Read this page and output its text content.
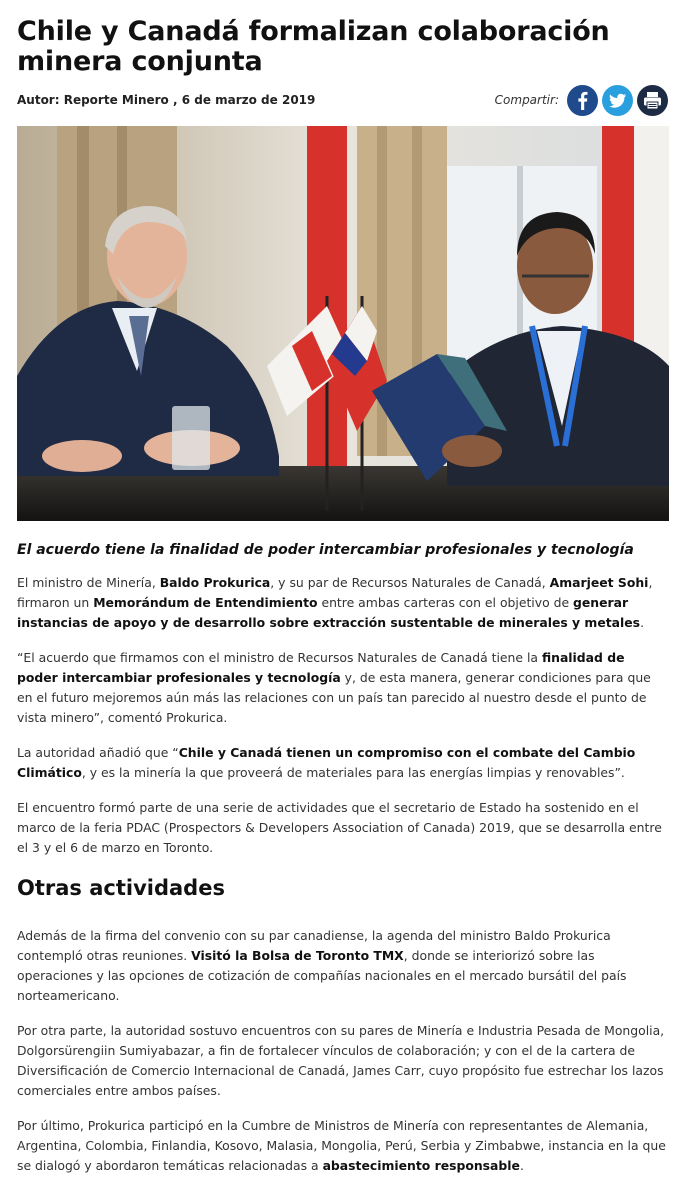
Chile y Canadá formalizan colaboración minera conjunta
Autor: Reporte Minero , 6 de marzo de 2019	Compartir:
El acuerdo tiene la finalidad de poder intercambiar profesionales y tecnología

El ministro de Minería, Baldo Prokurica, y su par de Recursos Naturales de Canadá, Amarjeet Sohi, firmaron un Memorándum de Entendimiento entre ambas carteras con el objetivo de generar instancias de apoyo y de desarrollo sobre extracción sustentable de minerales y metales.

“El acuerdo que firmamos con el ministro de Recursos Naturales de Canadá tiene la finalidad de poder intercambiar profesionales y tecnología y, de esta manera, generar condiciones para que en el futuro mejoremos aún más las relaciones con un país tan parecido al nuestro desde el punto de vista minero”, comentó Prokurica.

La autoridad añadió que “Chile y Canadá tienen un compromiso con el combate del Cambio Climático, y es la minería la que proveerá de materiales para las energías limpias y renovables”.

El encuentro formó parte de una serie de actividades que el secretario de Estado ha sostenido en el marco de la feria PDAC (Prospectors & Developers Association of Canada) 2019, que se desarrolla entre el 3 y el 6 de marzo en Toronto.

Otras actividades

Además de la firma del convenio con su par canadiense, la agenda del ministro Baldo Prokurica contempló otras reuniones. Visitó la Bolsa de Toronto TMX, donde se interiorizó sobre las operaciones y las opciones de cotización de compañías nacionales en el mercado bursátil del país norteamericano.

Por otra parte, la autoridad sostuvo encuentros con su pares de Minería e Industria Pesada de Mongolia, Dolgorsürengiin Sumiyabazar, a fin de fortalecer vínculos de colaboración; y con el de la cartera de Diversificación de Comercio Internacional de Canadá, James Carr, cuyo propósito fue estrechar los lazos comerciales entre ambos países.

Por último, Prokurica participó en la Cumbre de Ministros de Minería con representantes de Alemania, Argentina, Colombia, Finlandia, Kosovo, Malasia, Mongolia, Perú, Serbia y Zimbabwe, instancia en la que se dialogó y abordaron temáticas relacionadas a abastecimiento responsable.
